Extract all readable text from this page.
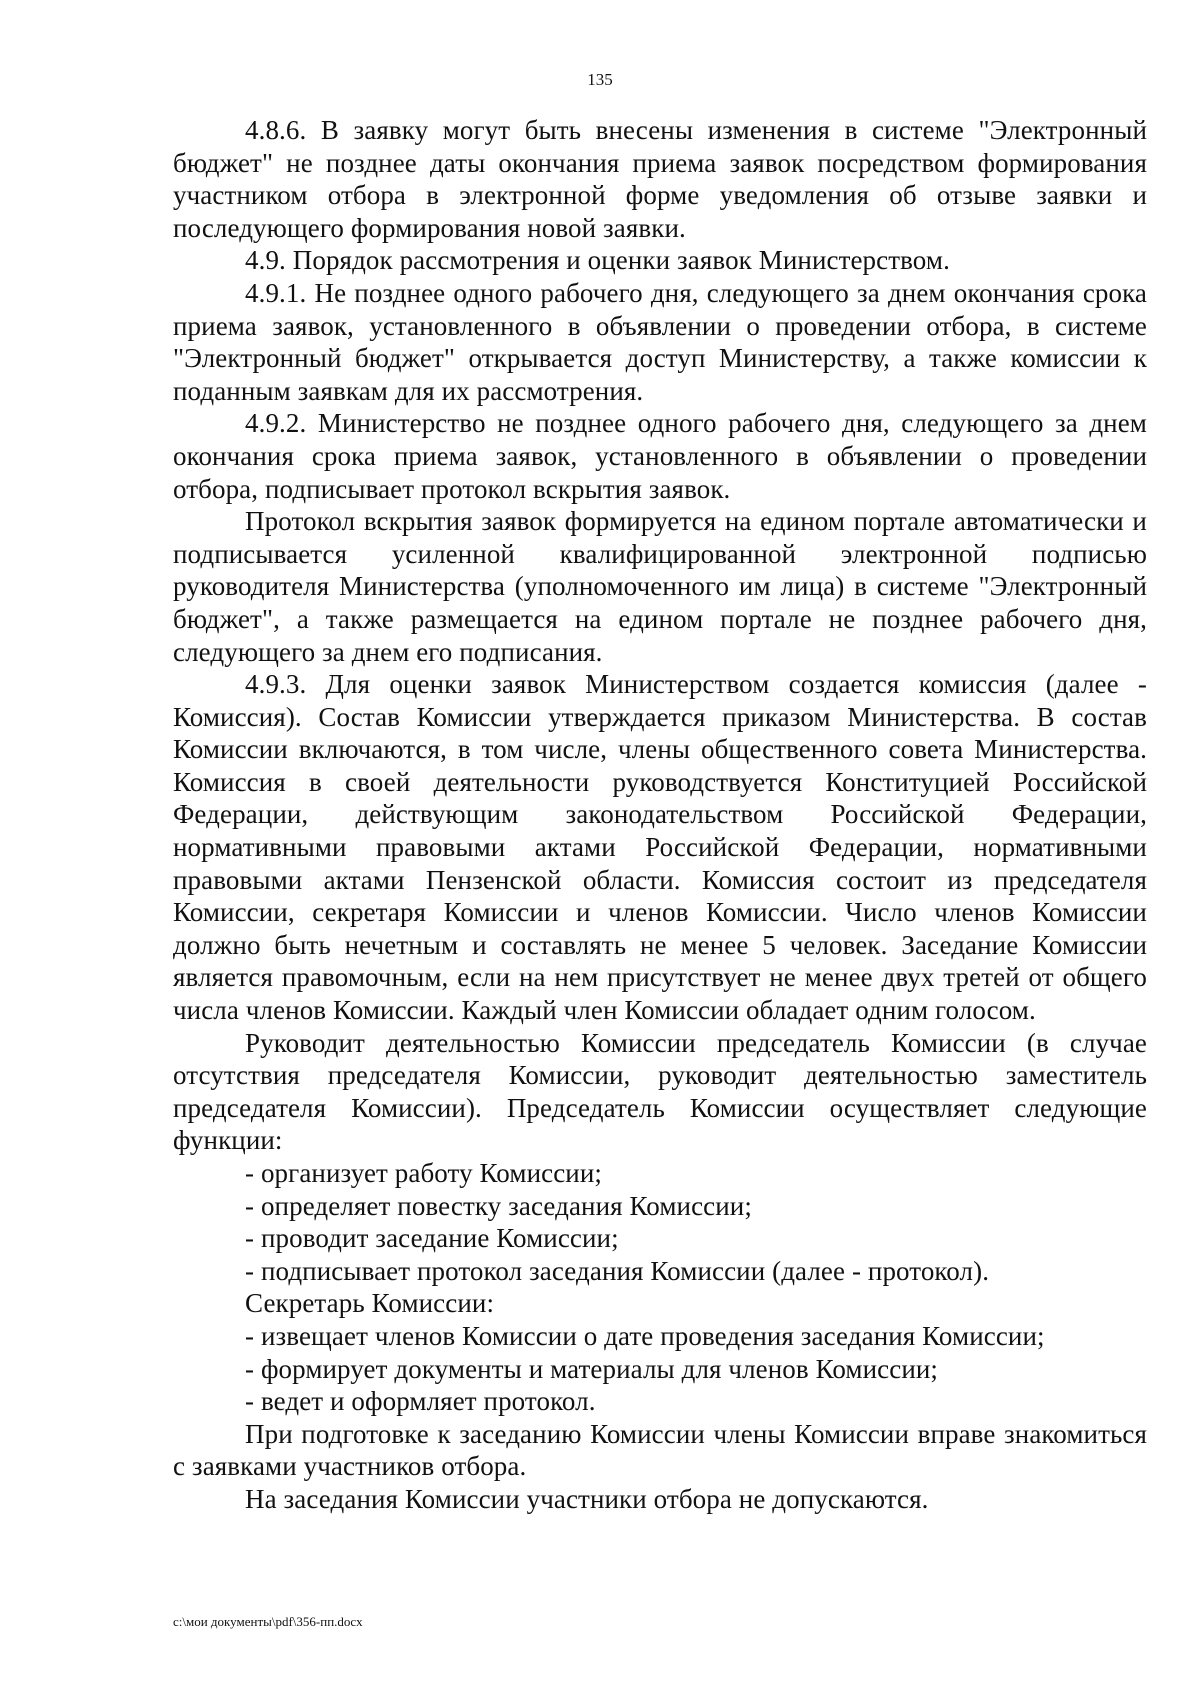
135

4.8.6. В заявку могут быть внесены изменения в системе "Электронный бюджет" не позднее даты окончания приема заявок посредством формирования участником отбора в электронной форме уведомления об отзыве заявки и последующего формирования новой заявки.

4.9. Порядок рассмотрения и оценки заявок Министерством.

4.9.1. Не позднее одного рабочего дня, следующего за днем окончания срока приема заявок, установленного в объявлении о проведении отбора, в системе "Электронный бюджет" открывается доступ Министерству, а также комиссии к поданным заявкам для их рассмотрения.

4.9.2. Министерство не позднее одного рабочего дня, следующего за днем окончания срока приема заявок, установленного в объявлении о проведении отбора, подписывает протокол вскрытия заявок.

Протокол вскрытия заявок формируется на едином портале автоматически и подписывается усиленной квалифицированной электронной подписью руководителя Министерства (уполномоченного им лица) в системе "Электронный бюджет", а также размещается на едином портале не позднее рабочего дня, следующего за днем его подписания.

4.9.3. Для оценки заявок Министерством создается комиссия (далее - Комиссия). Состав Комиссии утверждается приказом Министерства. В состав Комиссии включаются, в том числе, члены общественного совета Министерства. Комиссия в своей деятельности руководствуется Конституцией Российской Федерации, действующим законодательством Российской Федерации, нормативными правовыми актами Российской Федерации, нормативными правовыми актами Пензенской области. Комиссия состоит из председателя Комиссии, секретаря Комиссии и членов Комиссии. Число членов Комиссии должно быть нечетным и составлять не менее 5 человек. Заседание Комиссии является правомочным, если на нем присутствует не менее двух третей от общего числа членов Комиссии. Каждый член Комиссии обладает одним голосом.

Руководит деятельностью Комиссии председатель Комиссии (в случае отсутствия председателя Комиссии, руководит деятельностью заместитель председателя Комиссии). Председатель Комиссии осуществляет следующие функции:

- организует работу Комиссии;

- определяет повестку заседания Комиссии;

- проводит заседание Комиссии;

- подписывает протокол заседания Комиссии (далее - протокол).

Секретарь Комиссии:

- извещает членов Комиссии о дате проведения заседания Комиссии;

- формирует документы и материалы для членов Комиссии;

- ведет и оформляет протокол.

При подготовке к заседанию Комиссии члены Комиссии вправе знакомиться с заявками участников отбора.

На заседания Комиссии участники отбора не допускаются.

c:\мои документы\pdf\356-пп.docx
